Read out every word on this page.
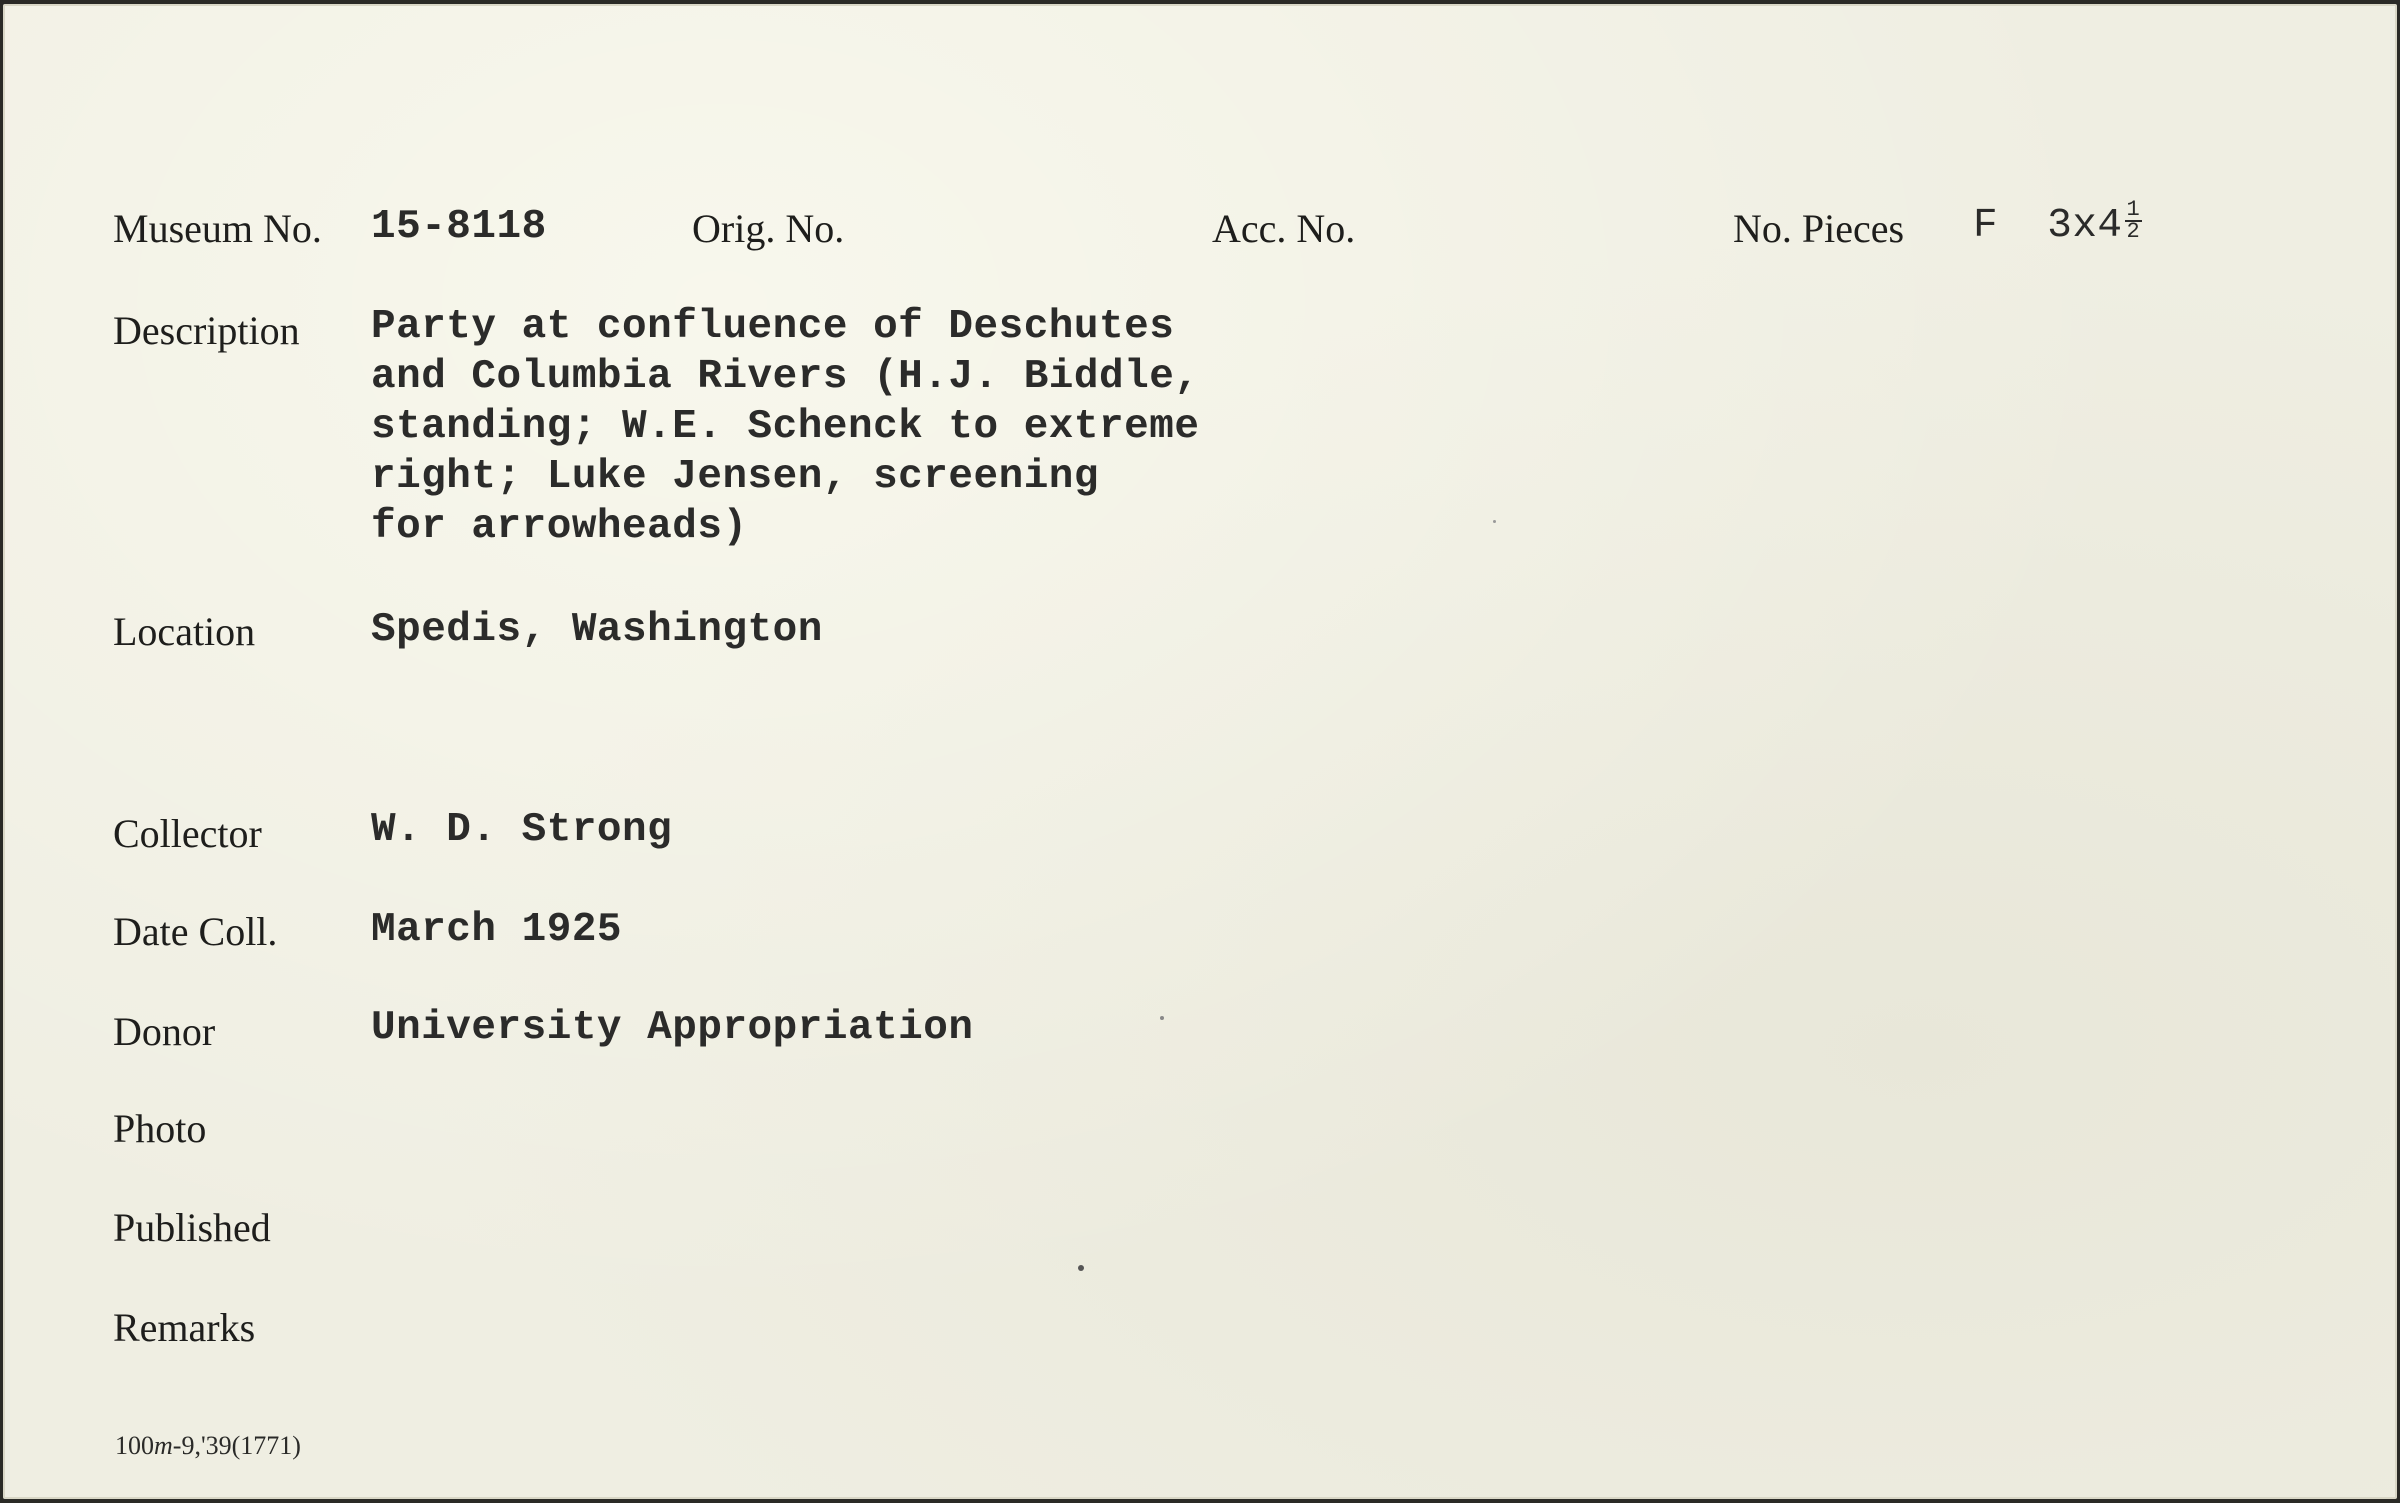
Museum No. 15-8118	Orig. No.	Acc. No.	No. Pieces F $3x4 \frac{1}{2}$
Description Party at confluence of Deschutes
and Columbia Rivers (H.J. Biddle,
standing; W.E. Schenck to extreme
right; Luke Jensen, screening
for arrowheads)
Location	Spedis, Washington
Collector	W. D. Strong
Date Coll. March 1925
Donor	University Appropriation
Photo
Published
Remarks
100m-9,'39(1771)
